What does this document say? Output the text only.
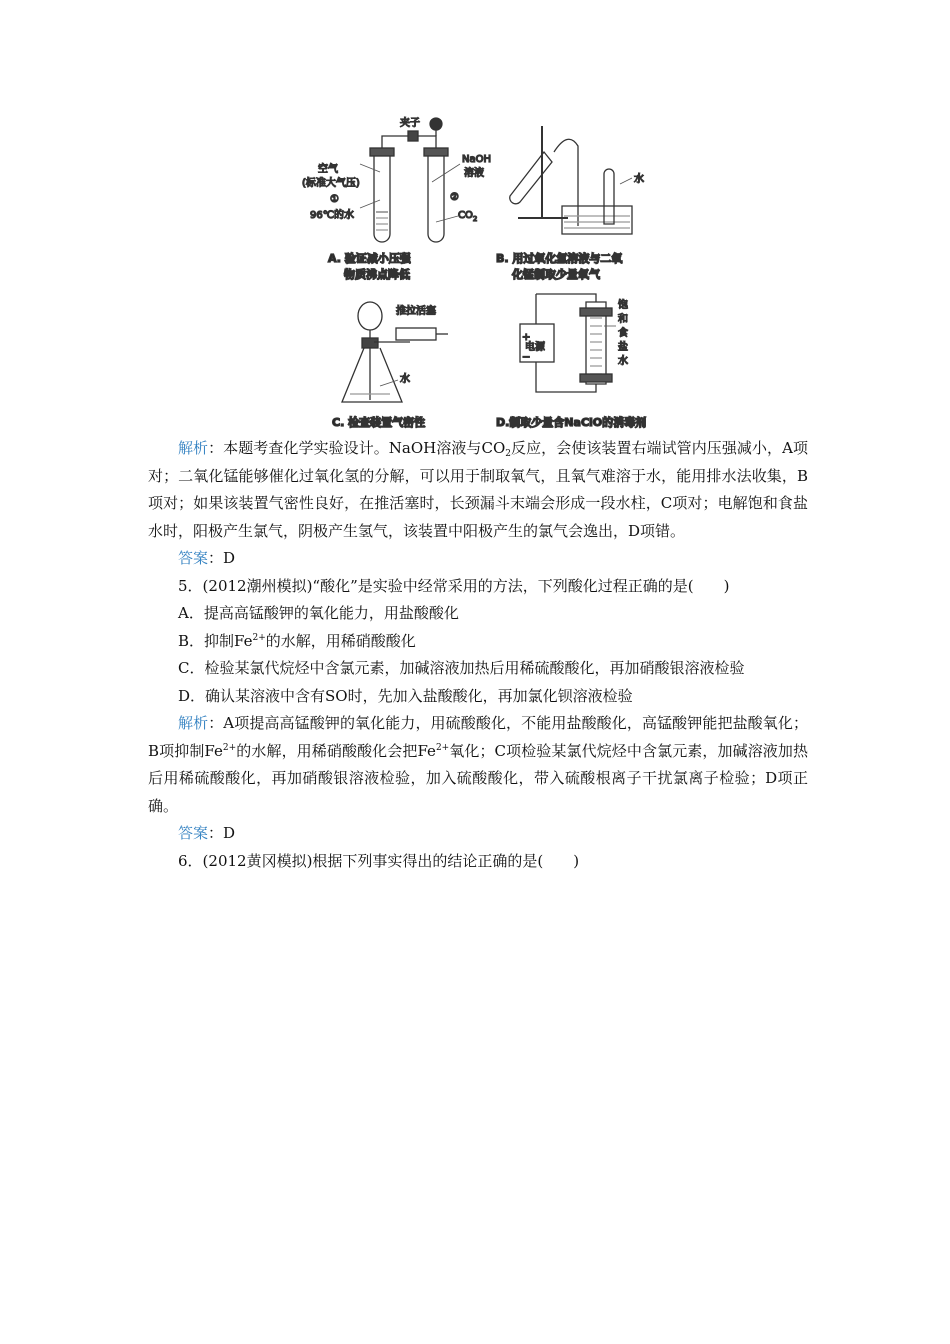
夹子
空气
(标准大气压)
①
96℃的水
NaOH
溶液
②
$CO_2$
A. 验证减小压强
物质沸点降低
水
B. 用过氧化氢溶液与二氧
化锰制取少量氧气
推拉活塞
水
C. 检查装置气密性
+
电源
−
饱
和
食
盐
水
D.制取少量含NaClO的消毒剂

解析：本题考查化学实验设计。NaOH溶液与$CO_2$反应，会使该装置右端试管内压强减小，A项对；二氧化锰能够催化过氧化氢的分解，可以用于制取氧气，且氧气难溶于水，能用排水法收集，B项对；如果该装置气密性良好，在推活塞时，长颈漏斗末端会形成一段水柱，C项对；电解饱和食盐水时，阳极产生氯气，阴极产生氢气，该装置中阳极产生的氯气会逸出，D项错。

答案：D

5．(2012潮州模拟)“酸化”是实验中经常采用的方法，下列酸化过程正确的是(　　)

A．提高高锰酸钾的氧化能力，用盐酸酸化

B．抑制$Fe^{2+}$的水解，用稀硝酸酸化

C．检验某氯代烷烃中含氯元素，加碱溶液加热后用稀硫酸酸化，再加硝酸银溶液检验

D．确认某溶液中含有SO时，先加入盐酸酸化，再加氯化钡溶液检验

解析：A项提高高锰酸钾的氧化能力，用硫酸酸化，不能用盐酸酸化，高锰酸钾能把盐酸氧化；B项抑制$Fe^{2+}$的水解，用稀硝酸酸化会把$Fe^{2+}$氧化；C项检验某氯代烷烃中含氯元素，加碱溶液加热后用稀硫酸酸化，再加硝酸银溶液检验，加入硫酸酸化，带入硫酸根离子干扰氯离子检验；D项正确。

答案：D

6．(2012黄冈模拟)根据下列事实得出的结论正确的是(　　)
